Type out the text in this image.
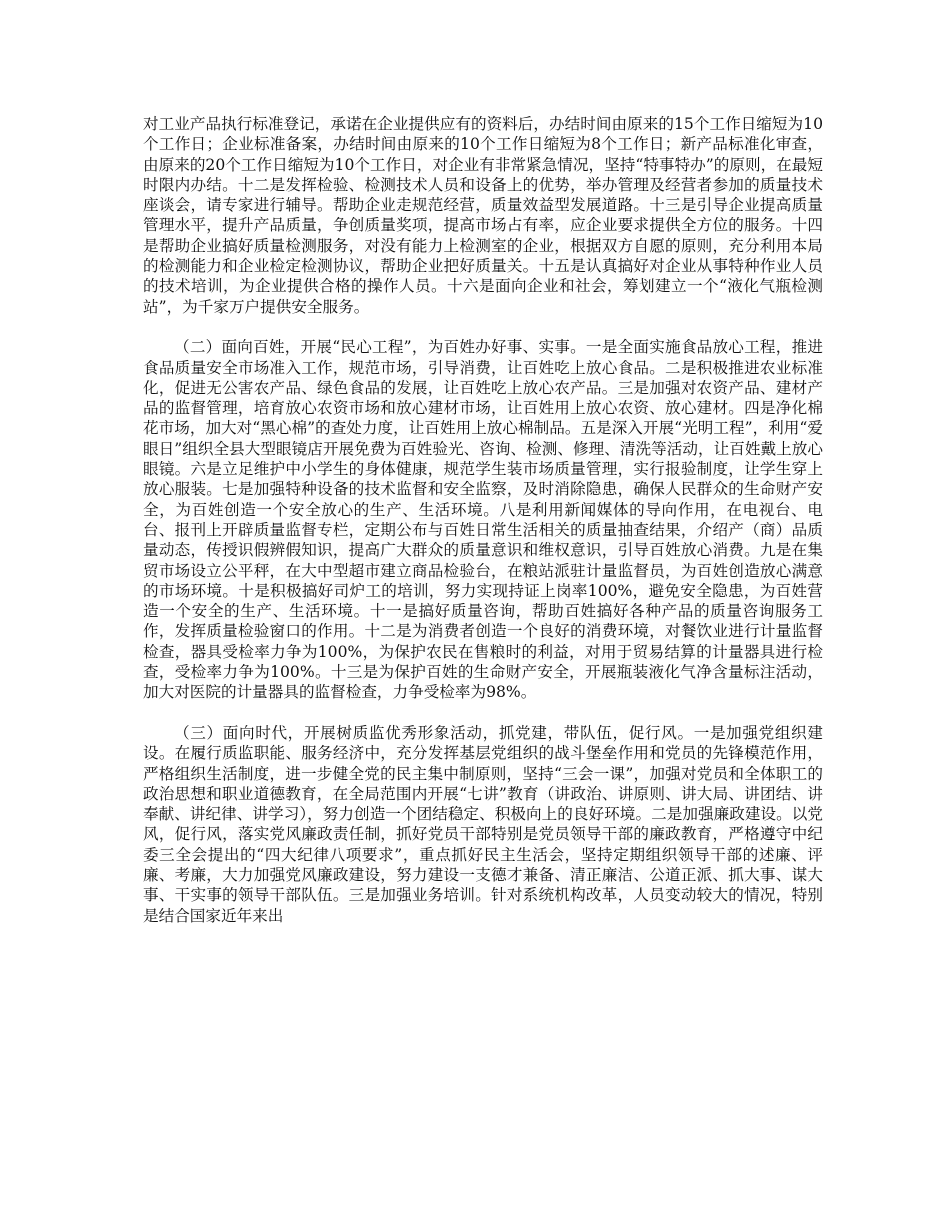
对工业产品执行标准登记，承诺在企业提供应有的资料后，办结时间由原来的15个工作日缩短为10个工作日；企业标准备案，办结时间由原来的10个工作日缩短为8个工作日；新产品标准化审查，由原来的20个工作日缩短为10个工作日，对企业有非常紧急情况，坚持“特事特办”的原则，在最短时限内办结。十二是发挥检验、检测技术人员和设备上的优势，举办管理及经营者参加的质量技术座谈会，请专家进行辅导。帮助企业走规范经营，质量效益型发展道路。十三是引导企业提高质量管理水平，提升产品质量，争创质量奖项，提高市场占有率，应企业要求提供全方位的服务。十四是帮助企业搞好质量检测服务，对没有能力上检测室的企业，根据双方自愿的原则，充分利用本局的检测能力和企业检定检测协议，帮助企业把好质量关。十五是认真搞好对企业从事特种作业人员的技术培训，为企业提供合格的操作人员。十六是面向企业和社会，筹划建立一个“液化气瓶检测站”，为千家万户提供安全服务。

（二）面向百姓，开展“民心工程”，为百姓办好事、实事。一是全面实施食品放心工程，推进食品质量安全市场准入工作，规范市场，引导消费，让百姓吃上放心食品。二是积极推进农业标准化，促进无公害农产品、绿色食品的发展，让百姓吃上放心农产品。三是加强对农资产品、建材产品的监督管理，培育放心农资市场和放心建材市场，让百姓用上放心农资、放心建材。四是净化棉花市场，加大对“黑心棉”的查处力度，让百姓用上放心棉制品。五是深入开展“光明工程”，利用“爱眼日”组织全县大型眼镜店开展免费为百姓验光、咨询、检测、修理、清洗等活动，让百姓戴上放心眼镜。六是立足维护中小学生的身体健康，规范学生装市场质量管理，实行报验制度，让学生穿上放心服装。七是加强特种设备的技术监督和安全监察，及时消除隐患，确保人民群众的生命财产安全，为百姓创造一个安全放心的生产、生活环境。八是利用新闻媒体的导向作用，在电视台、电台、报刊上开辟质量监督专栏，定期公布与百姓日常生活相关的质量抽查结果，介绍产（商）品质量动态，传授识假辨假知识，提高广大群众的质量意识和维权意识，引导百姓放心消费。九是在集贸市场设立公平秤，在大中型超市建立商品检验台，在粮站派驻计量监督员，为百姓创造放心满意的市场环境。十是积极搞好司炉工的培训，努力实现持证上岗率100%，避免安全隐患，为百姓营造一个安全的生产、生活环境。十一是搞好质量咨询，帮助百姓搞好各种产品的质量咨询服务工作，发挥质量检验窗口的作用。十二是为消费者创造一个良好的消费环境，对餐饮业进行计量监督检查，器具受检率力争为100%，为保护农民在售粮时的利益，对用于贸易结算的计量器具进行检查，受检率力争为100%。十三是为保护百姓的生命财产安全，开展瓶装液化气净含量标注活动，加大对医院的计量器具的监督检查，力争受检率为98%。

（三）面向时代，开展树质监优秀形象活动，抓党建，带队伍，促行风。一是加强党组织建设。在履行质监职能、服务经济中，充分发挥基层党组织的战斗堡垒作用和党员的先锋模范作用，严格组织生活制度，进一步健全党的民主集中制原则，坚持“三会一课”，加强对党员和全体职工的政治思想和职业道德教育，在全局范围内开展“七讲”教育（讲政治、讲原则、讲大局、讲团结、讲奉献、讲纪律、讲学习），努力创造一个团结稳定、积极向上的良好环境。二是加强廉政建设。以党风，促行风，落实党风廉政责任制，抓好党员干部特别是党员领导干部的廉政教育，严格遵守中纪委三全会提出的“四大纪律八项要求”，重点抓好民主生活会，坚持定期组织领导干部的述廉、评廉、考廉，大力加强党风廉政建设，努力建设一支德才兼备、清正廉洁、公道正派、抓大事、谋大事、干实事的领导干部队伍。三是加强业务培训。针对系统机构改革，人员变动较大的情况，特别是结合国家近年来出
